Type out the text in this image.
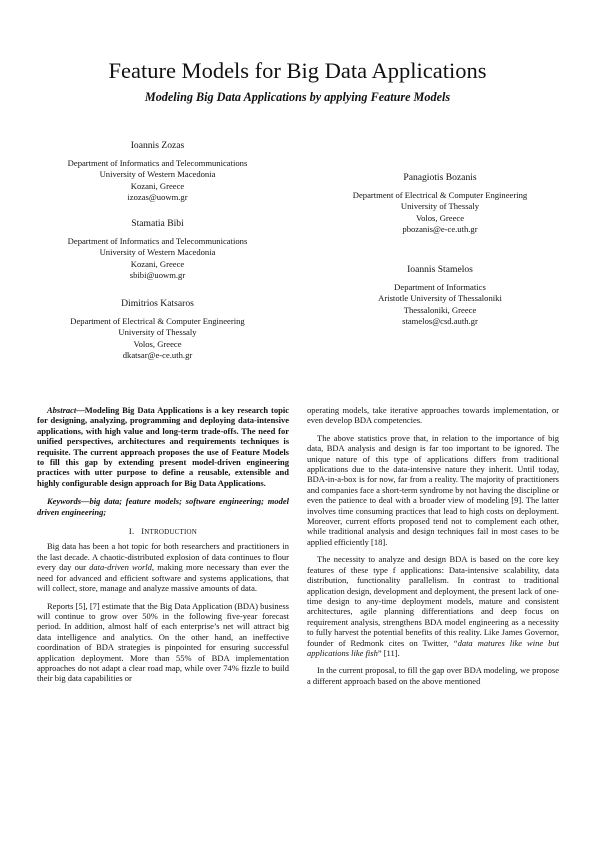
Feature Models for Big Data Applications
Modeling Big Data Applications by applying Feature Models
Ioannis Zozas
Department of Informatics and Telecommunications
University of Western Macedonia
Kozani, Greece
izozas@uowm.gr
Stamatia Bibi
Department of Informatics and Telecommunications
University of Western Macedonia
Kozani, Greece
sbibi@uowm.gr
Dimitrios Katsaros
Department of Electrical & Computer Engineering
University of Thessaly
Volos, Greece
dkatsar@e-ce.uth.gr
Panagiotis Bozanis
Department of Electrical & Computer Engineering
University of Thessaly
Volos, Greece
pbozanis@e-ce.uth.gr
Ioannis Stamelos
Department of Informatics
Aristotle University of Thessaloniki
Thessaloniki, Greece
stamelos@csd.auth.gr

Abstract—Modeling Big Data Applications is a key research topic for designing, analyzing, programming and deploying data-intensive applications, with high value and long-term trade-offs. The need for unified perspectives, architectures and requirements techniques is requisite. The current approach proposes the use of Feature Models to fill this gap by extending present model-driven engineering practices with utter purpose to define a reusable, extensible and highly configurable design approach for Big Data Applications.

Keywords—big data; feature models; software engineering; model driven engineering;

I. INTRODUCTION

Big data has been a hot topic for both researchers and practitioners in the last decade. A chaotic-distributed explosion of data continues to flour every day our data-driven world, making more necessary than ever the need for advanced and efficient software and systems applications, that will collect, store, manage and analyze massive amounts of data.

Reports [5], [7] estimate that the Big Data Application (BDA) business will continue to grow over 50% in the following five-year forecast period. In addition, almost half of each enterprise’s net will attract big data intelligence and analytics. On the other hand, an ineffective coordination of BDA strategies is pinpointed for ensuring successful application deployment. More than 55% of BDA implementation approaches do not adapt a clear road map, while over 74% fizzle to build their big data capabilities or

operating models, take iterative approaches towards implementation, or even develop BDA competencies.

The above statistics prove that, in relation to the importance of big data, BDA analysis and design is far too important to be ignored. The unique nature of this type of applications differs from traditional applications due to the data-intensive nature they inherit. Until today, BDA-in-a-box is for now, far from a reality. The majority of practitioners and companies face a short-term syndrome by not having the discipline or even the patience to deal with a broader view of modeling [9]. The latter involves time consuming practices that lead to high costs on deployment. Moreover, current efforts proposed tend not to complement each other, while traditional analysis and design techniques fail in most cases to be applied efficiently [18].

The necessity to analyze and design BDA is based on the core key features of these type f applications: Data-intensive scalability, data distribution, functionality parallelism. In contrast to traditional application design, development and deployment, the present lack of one-time design to any-time deployment models, mature and consistent architectures, agile planning differentiations and deep focus on requirement analysis, strengthens BDA model engineering as a necessity to fully harvest the potential benefits of this reality. Like James Governor, founder of Redmonk cites on Twitter, “data matures like wine but applications like fish” [11].

In the current proposal, to fill the gap over BDA modeling, we propose a different approach based on the above mentioned
